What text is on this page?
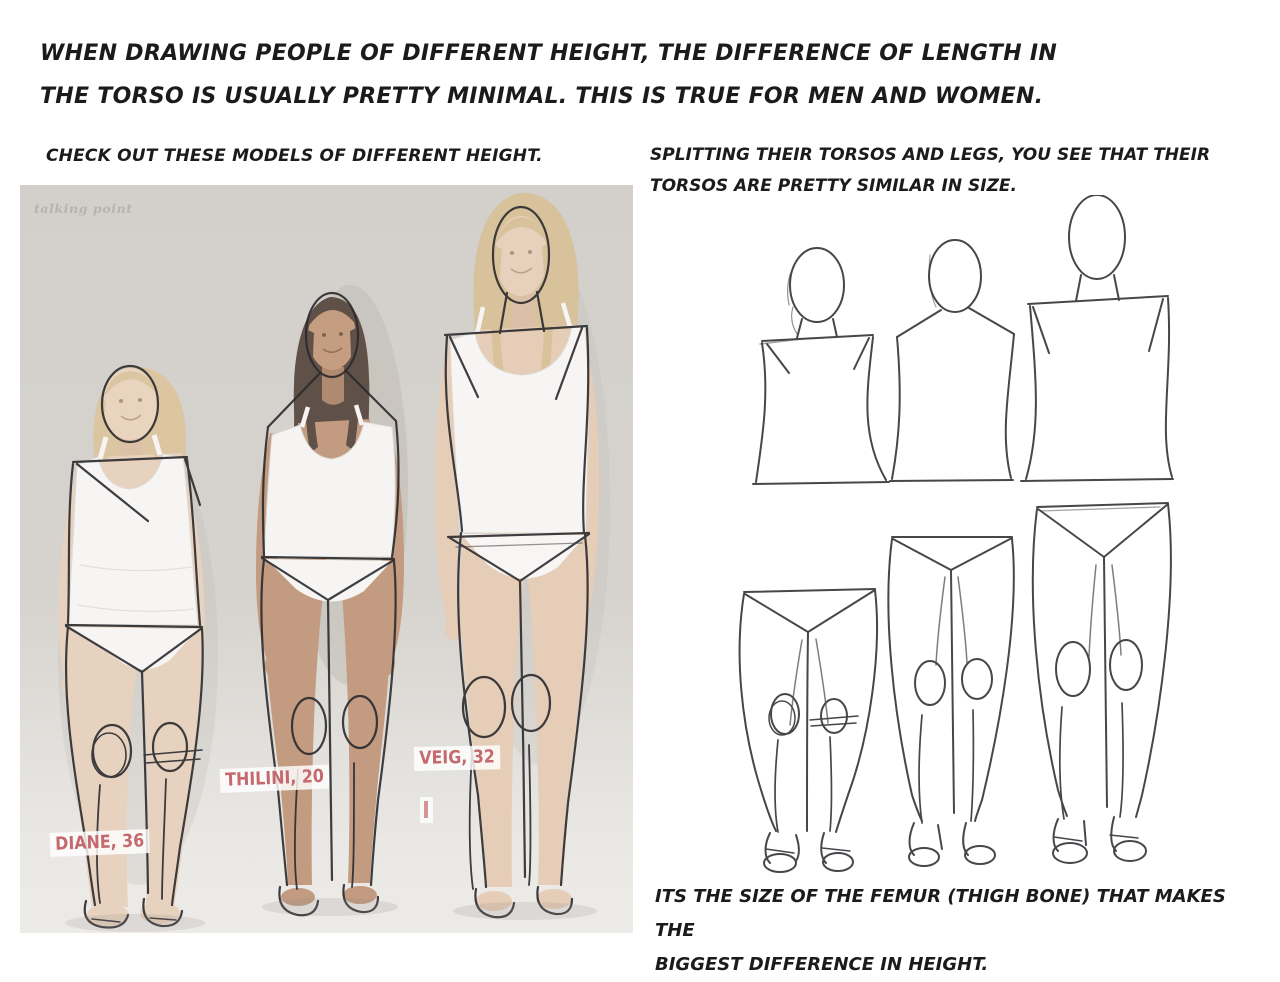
WHEN DRAWING PEOPLE OF DIFFERENT HEIGHT, THE DIFFERENCE OF LENGTH IN
THE TORSO IS USUALLY PRETTY MINIMAL. THIS IS TRUE FOR MEN AND WOMEN.
CHECK OUT THESE MODELS OF DIFFERENT HEIGHT.	SPLITTING THEIR TORSOS AND LEGS, YOU SEE THAT THEIR
TORSOS ARE PRETTY SIMILAR IN SIZE.
talking point
DIANE, 36
THILINI, 20
VEIG, 32
ITS THE SIZE OF THE FEMUR (THIGH BONE) THAT MAKES THE
BIGGEST DIFFERENCE IN HEIGHT.
